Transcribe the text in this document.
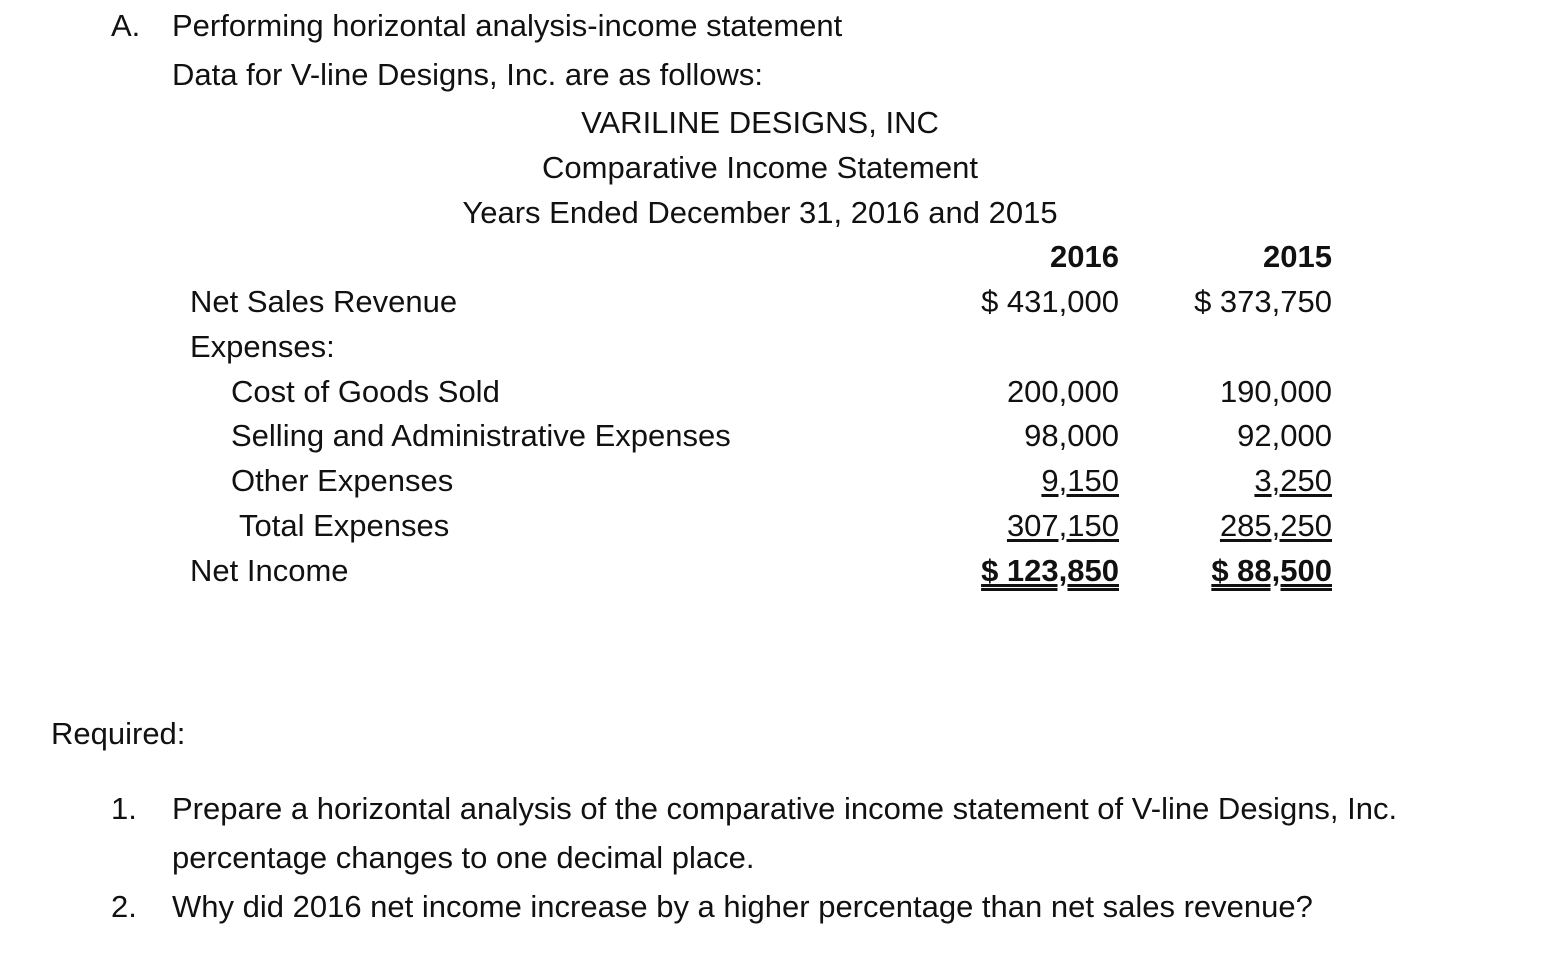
A. Performing horizontal analysis-income statement
Data for V-line Designs, Inc. are as follows:
VARILINE DESIGNS, INC
Comparative Income Statement
Years Ended December 31, 2016 and 2015
2016	2015
Net Sales Revenue	$ 431,000	$ 373,750
Expenses:
Cost of Goods Sold	200,000	190,000
Selling and Administrative Expenses	98,000	92,000
Other Expenses	9,150	3,250
Total Expenses	307,150	285,250
Net Income	$ 123,850	$ 88,500
Required:
1. Prepare a horizontal analysis of the comparative income statement of V-line Designs, Inc.
percentage changes to one decimal place.
2. Why did 2016 net income increase by a higher percentage than net sales revenue?
